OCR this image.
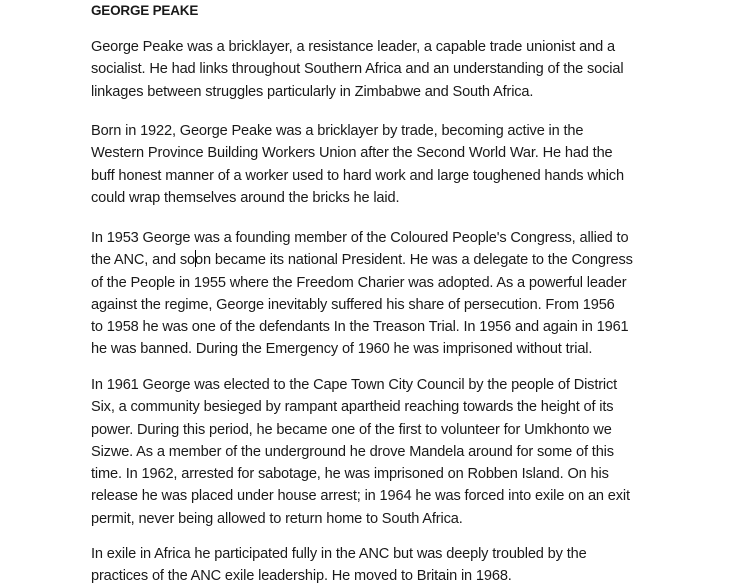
GEORGE PEAKE
George Peake was a bricklayer, a resistance leader, a capable trade unionist and a
socialist. He had links throughout Southern Africa and an understanding of the social
linkages between struggles particularly in Zimbabwe and South Africa.
Born in 1922, George Peake was a bricklayer by trade, becoming active in the
Western Province Building Workers Union after the Second World War. He had the
buff honest manner of a worker used to hard work and large toughened hands which
could wrap themselves around the bricks he laid.
In 1953 George was a founding member of the Coloured People's Congress, allied to
the ANC, and soon became its national President. He was a delegate to the Congress
of the People in 1955 where the Freedom Charier was adopted. As a powerful leader
against the regime, George inevitably suffered his share of persecution. From 1956
to 1958 he was one of the defendants In the Treason Trial. In 1956 and again in 1961
he was banned. During the Emergency of 1960 he was imprisoned without trial.
In 1961 George was elected to the Cape Town City Council by the people of District
Six, a community besieged by rampant apartheid reaching towards the height of its
power. During this period, he became one of the first to volunteer for Umkhonto we
Sizwe. As a member of the underground he drove Mandela around for some of this
time. In 1962, arrested for sabotage, he was imprisoned on Robben Island. On his
release he was placed under house arrest; in 1964 he was forced into exile on an exit
permit, never being allowed to return home to South Africa.
In exile in Africa he participated fully in the ANC but was deeply troubled by the
practices of the ANC exile leadership. He moved to Britain in 1968.
